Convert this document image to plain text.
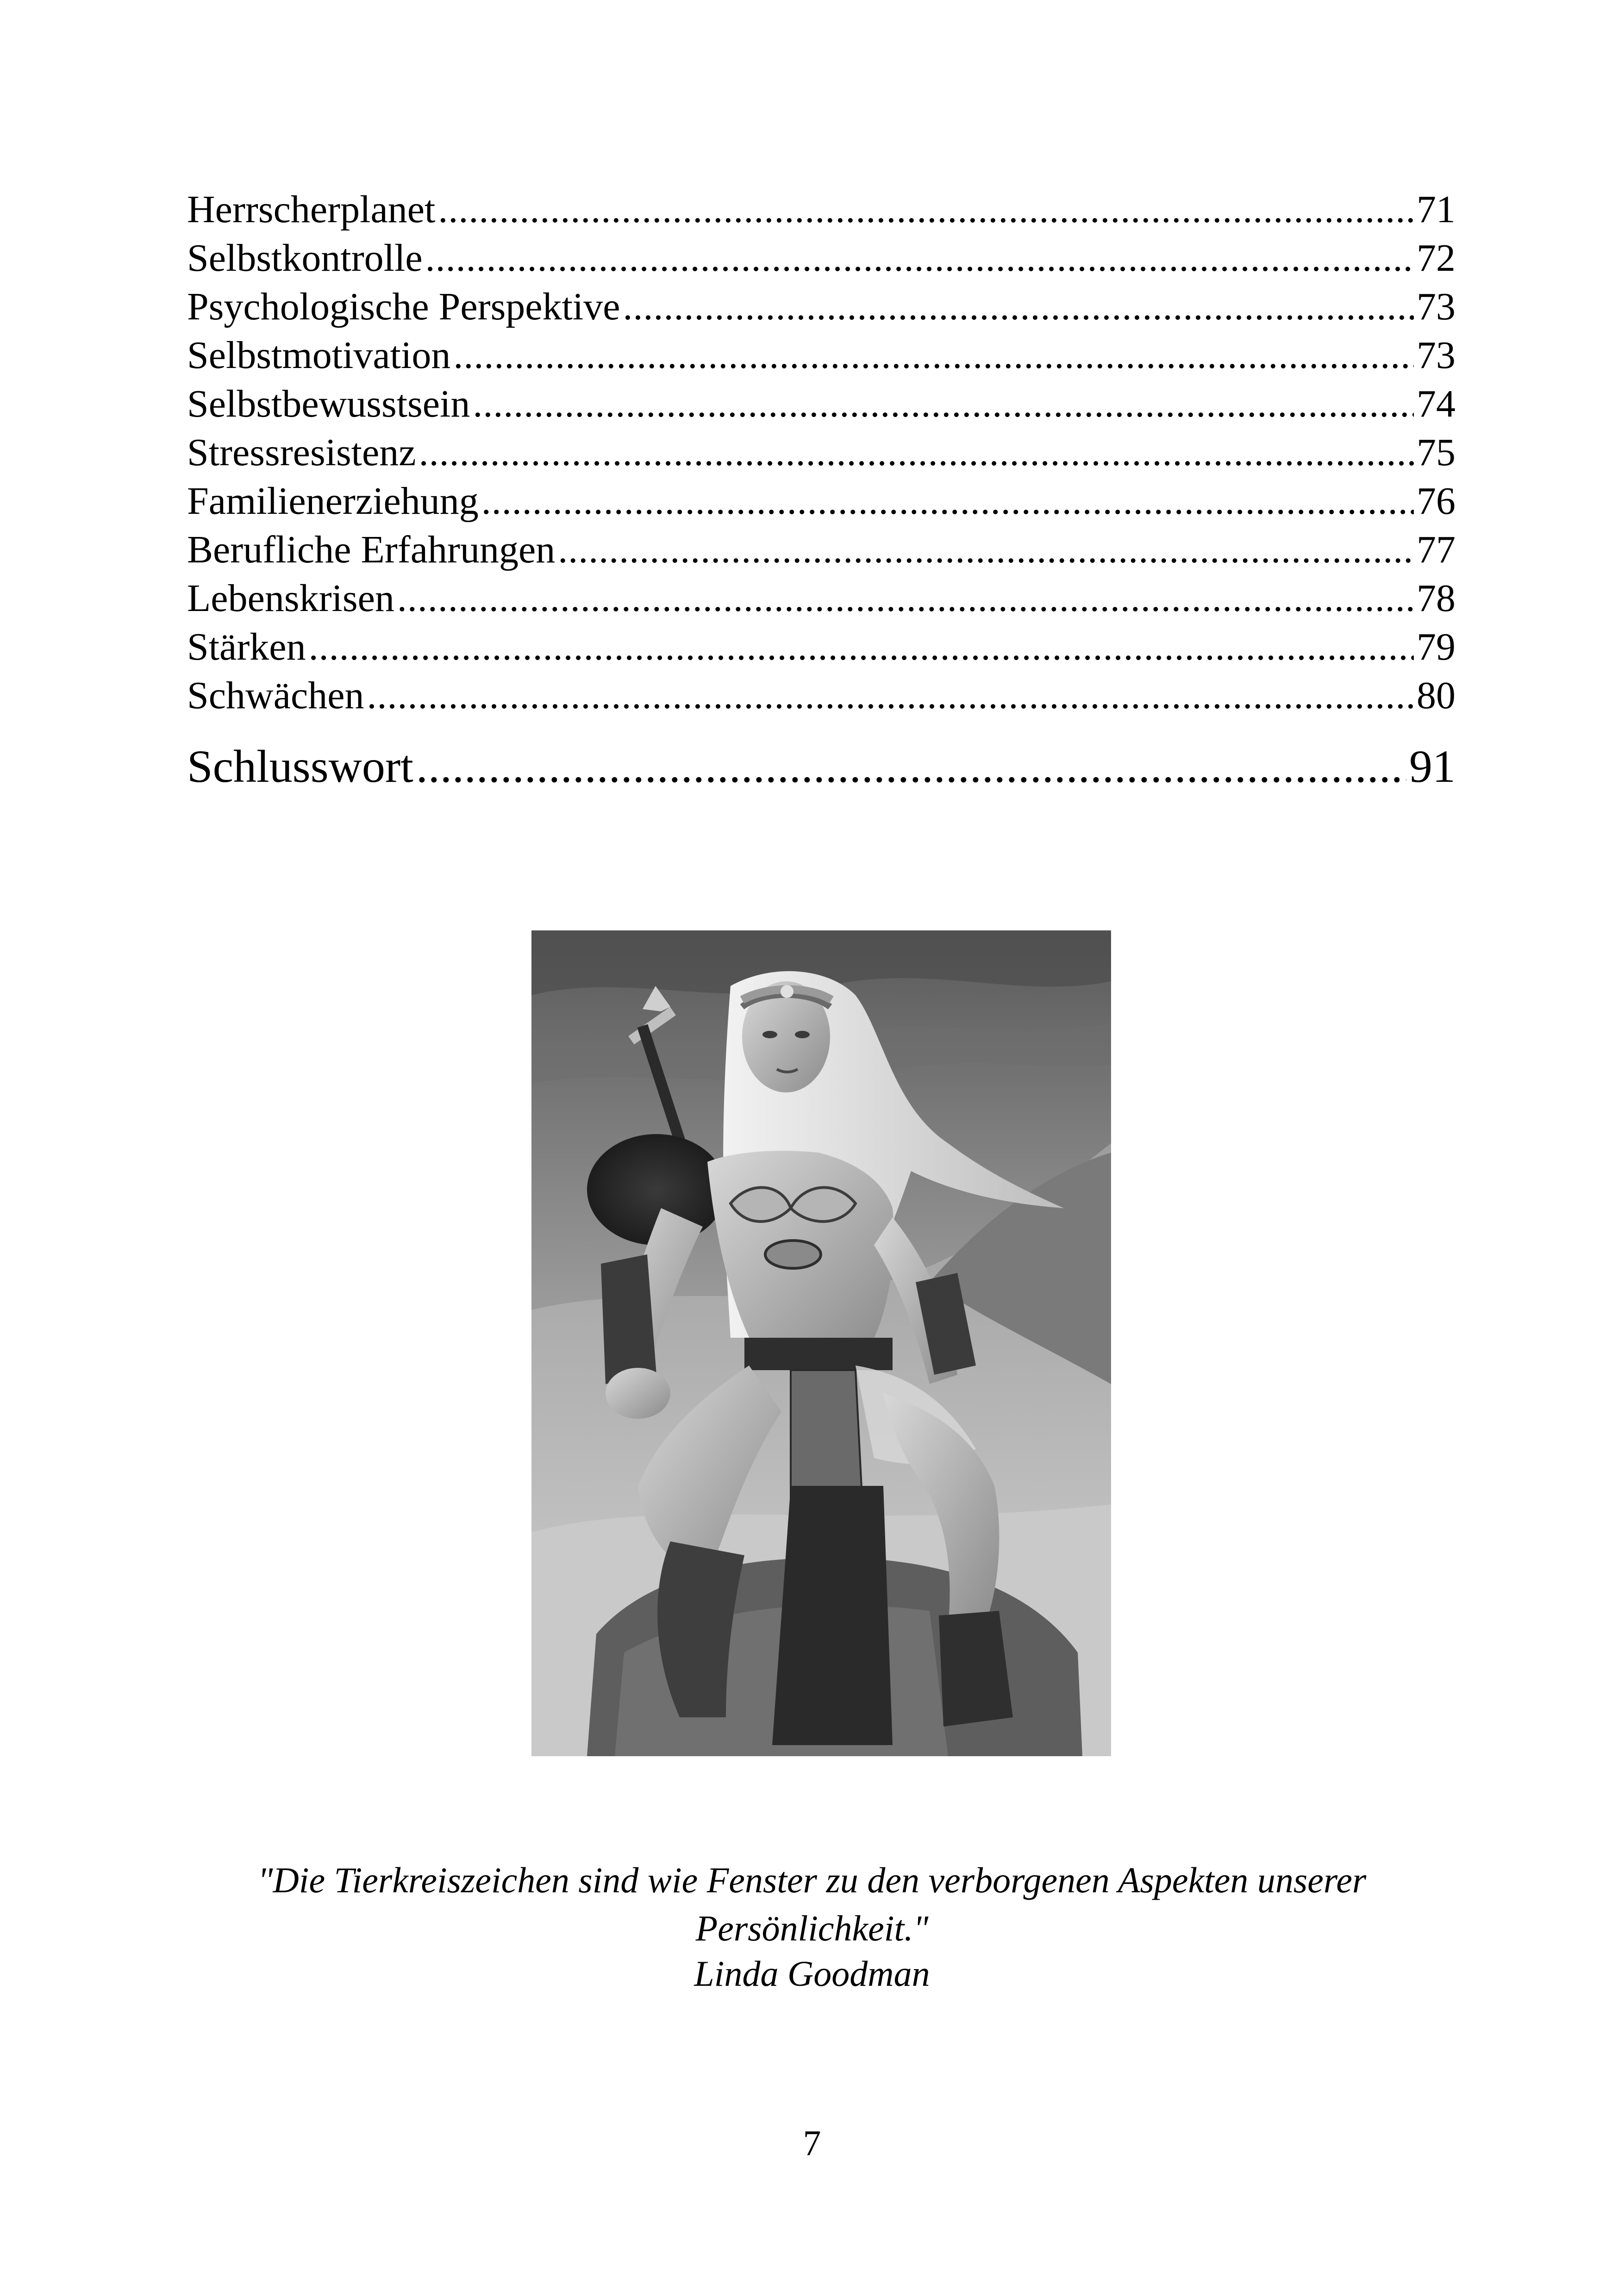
Herrscherplanet .....	71
Selbstkontrolle .....	72
Psychologische Perspektive .....	73
Selbstmotivation .....	73
Selbstbewusstsein .....	74
Stressresistenz .....	75
Familienerziehung .....	76
Berufliche Erfahrungen .....	77
Lebenskrisen .....	78
Stärken .....	79
Schwächen .....	80
Schlusswort .....	91
"Die Tierkreiszeichen sind wie Fenster zu den verborgenen Aspekten unserer Persönlichkeit."
Linda Goodman
7
